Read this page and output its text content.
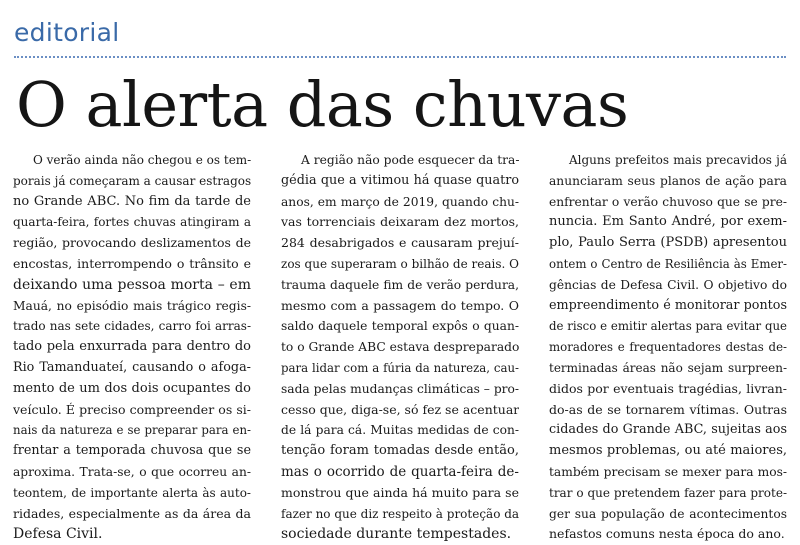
editorial
O alerta das chuvas
O verão ainda não chegou e os tem-
porais já começaram a causar estragos
no Grande ABC. No fim da tarde de
quarta-feira, fortes chuvas atingiram a
região, provocando deslizamentos de
encostas, interrompendo o trânsito e
deixando uma pessoa morta – em
Mauá, no episódio mais trágico regis-
trado nas sete cidades, carro foi arras-
tado pela enxurrada para dentro do
Rio Tamanduateí, causando o afoga-
mento de um dos dois ocupantes do
veículo. É preciso compreender os si-
nais da natureza e se preparar para en-
frentar a temporada chuvosa que se
aproxima. Trata-se, o que ocorreu an-
teontem, de importante alerta às auto-
ridades, especialmente as da área da
Defesa Civil.
A região não pode esquecer da tra-
gédia que a vitimou há quase quatro
anos, em março de 2019, quando chu-
vas torrenciais deixaram dez mortos,
284 desabrigados e causaram prejuí-
zos que superaram o bilhão de reais. O
trauma daquele fim de verão perdura,
mesmo com a passagem do tempo. O
saldo daquele temporal expôs o quan-
to o Grande ABC estava despreparado
para lidar com a fúria da natureza, cau-
sada pelas mudanças climáticas – pro-
cesso que, diga-se, só fez se acentuar
de lá para cá. Muitas medidas de con-
tenção foram tomadas desde então,
mas o ocorrido de quarta-feira de-
monstrou que ainda há muito para se
fazer no que diz respeito à proteção da
sociedade durante tempestades.
Alguns prefeitos mais precavidos já
anunciaram seus planos de ação para
enfrentar o verão chuvoso que se pre-
nuncia. Em Santo André, por exem-
plo, Paulo Serra (PSDB) apresentou
ontem o Centro de Resiliência às Emer-
gências de Defesa Civil. O objetivo do
empreendimento é monitorar pontos
de risco e emitir alertas para evitar que
moradores e frequentadores destas de-
terminadas áreas não sejam surpreen-
didos por eventuais tragédias, livran-
do-as de se tornarem vítimas. Outras
cidades do Grande ABC, sujeitas aos
mesmos problemas, ou até maiores,
também precisam se mexer para mos-
trar o que pretendem fazer para prote-
ger sua população de acontecimentos
nefastos comuns nesta época do ano.
